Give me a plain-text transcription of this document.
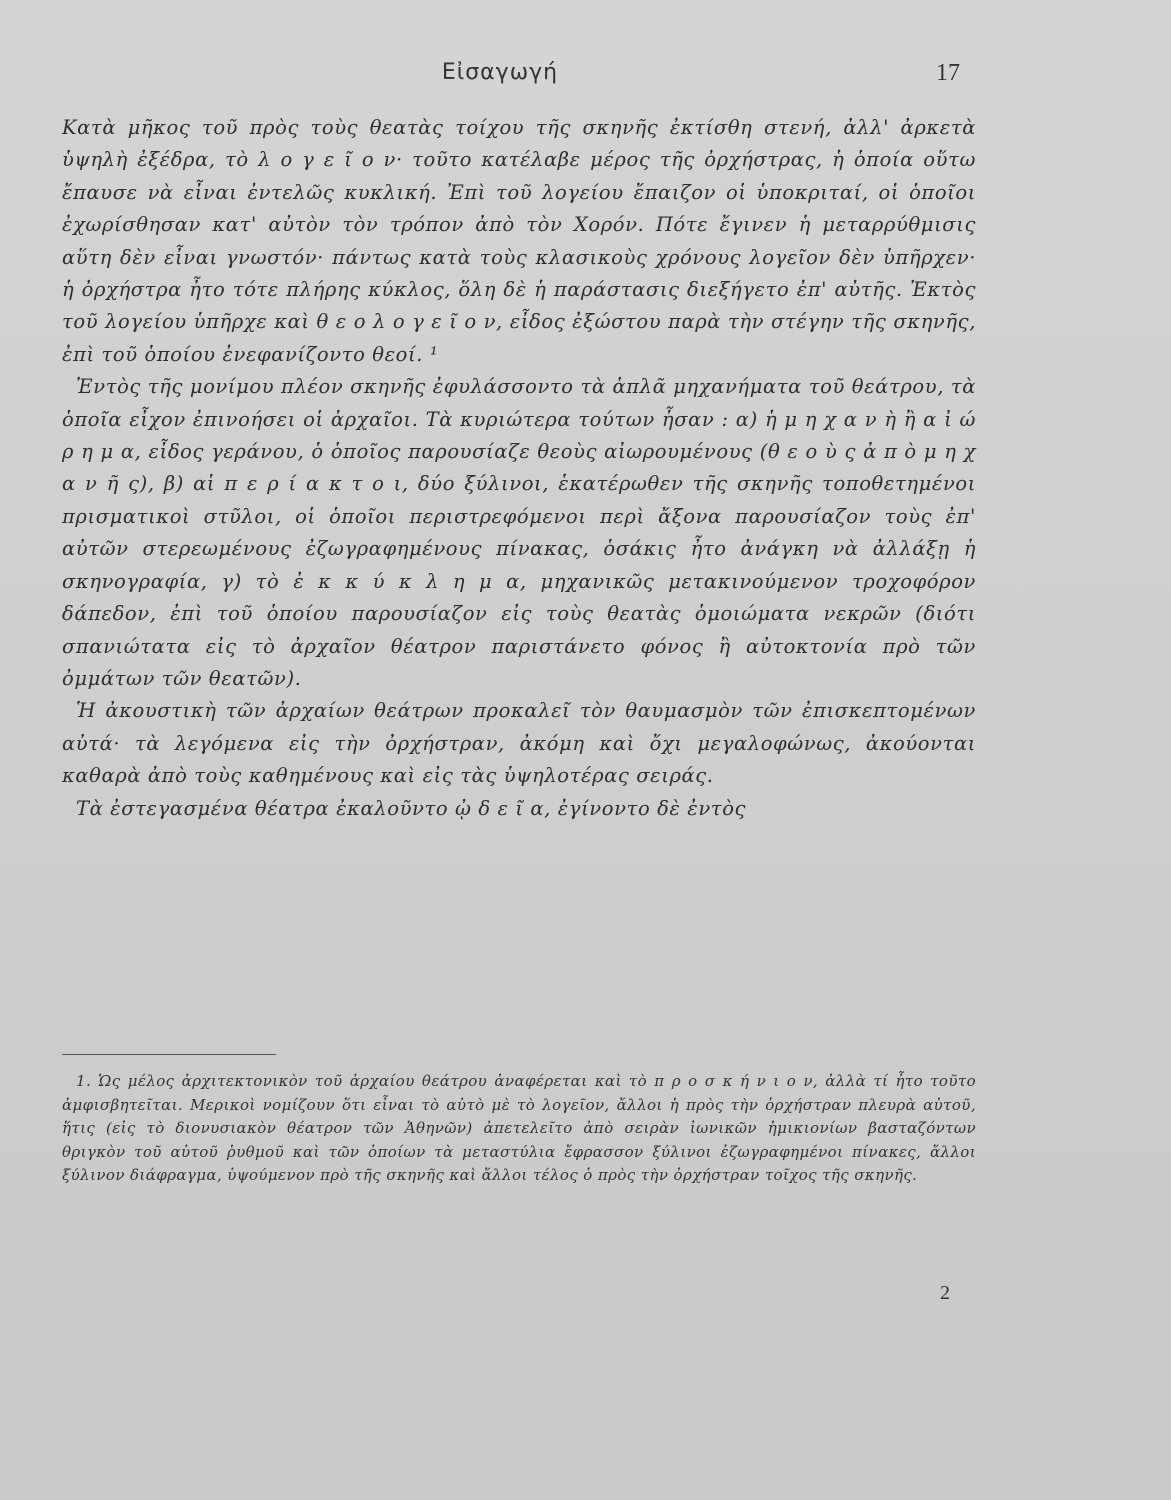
Εἰσαγωγή	17

Κατὰ μῆκος τοῦ πρὸς τοὺς θεατὰς τοίχου τῆς σκηνῆς ἐκτίσθη στενή, ἀλλ' ἀρκετὰ ὑψηλὴ ἐξέδρα, τὸ λ ο γ ε ῖ ο ν· τοῦτο κατέλαβε μέρος τῆς ὀρχήστρας, ἡ ὁποία οὕτω ἔπαυσε νὰ εἶναι ἐντελῶς κυκλική. Ἐπὶ τοῦ λογείου ἔπαιζον οἱ ὑποκριταί, οἱ ὁποῖοι ἐχωρίσθησαν κατ' αὐτὸν τὸν τρόπον ἀπὸ τὸν Χορόν. Πότε ἔγινεν ἡ μεταρρύθμισις αὕτη δὲν εἶναι γνωστόν· πάντως κατὰ τοὺς κλασικοὺς χρόνους λογεῖον δὲν ὑπῆρχεν· ἡ ὀρχήστρα ἦτο τότε πλήρης κύκλος, ὅλη δὲ ἡ παράστασις διεξήγετο ἐπ' αὐτῆς. Ἐκτὸς τοῦ λογείου ὑπῆρχε καὶ θ ε ο λ ο γ ε ῖ ο ν, εἶδος ἐξώστου παρὰ τὴν στέγην τῆς σκηνῆς, ἐπὶ τοῦ ὁποίου ἐνεφανίζοντο θεοί. ¹

Ἐντὸς τῆς μονίμου πλέον σκηνῆς ἐφυλάσσοντο τὰ ἁπλᾶ μηχανήματα τοῦ θεάτρου, τὰ ὁποῖα εἶχον ἐπινοήσει οἱ ἀρχαῖοι. Τὰ κυριώτερα τούτων ἦσαν : α) ἡ μ η χ α ν ὴ ἢ α ἰ ώ ρ η μ α, εἶδος γεράνου, ὁ ὁποῖος παρουσίαζε θεοὺς αἰωρουμένους (θ ε ο ὺ ς ἀ π ὸ μ η χ α ν ῆ ς), β) αἱ π ε ρ ί α κ τ ο ι, δύο ξύλινοι, ἑκατέρωθεν τῆς σκηνῆς τοποθετημένοι πρισματικοὶ στῦλοι, οἱ ὁποῖοι περιστρεφόμενοι περὶ ἄξονα παρουσίαζον τοὺς ἐπ' αὐτῶν στερεωμένους ἐζωγραφημένους πίνακας, ὁσάκις ἦτο ἀνάγκη νὰ ἀλλάξῃ ἡ σκηνογραφία, γ) τὸ ἐ κ κ ύ κ λ η μ α, μηχανικῶς μετακινούμενον τροχοφόρον δάπεδον, ἐπὶ τοῦ ὁποίου παρουσίαζον εἰς τοὺς θεατὰς ὁμοιώματα νεκρῶν (διότι σπανιώτατα εἰς τὸ ἀρχαῖον θέατρον παριστάνετο φόνος ἢ αὐτοκτονία πρὸ τῶν ὀμμάτων τῶν θεατῶν).

Ἡ ἀκουστικὴ τῶν ἀρχαίων θεάτρων προκαλεῖ τὸν θαυμασμὸν τῶν ἐπισκεπτομένων αὐτά· τὰ λεγόμενα εἰς τὴν ὀρχήστραν, ἀκόμη καὶ ὄχι μεγαλοφώνως, ἀκούονται καθαρὰ ἀπὸ τοὺς καθημένους καὶ εἰς τὰς ὑψηλοτέρας σειράς.

Τὰ ἐστεγασμένα θέατρα ἐκαλοῦντο ᾠ δ ε ῖ α, ἐγίνοντο δὲ ἐντὸς

1. Ὡς μέλος ἀρχιτεκτονικὸν τοῦ ἀρχαίου θεάτρου ἀναφέρεται καὶ τὸ π ρ ο σ κ ή ν ι ο ν, ἀλλὰ τί ἦτο τοῦτο ἀμφισβητεῖται. Μερικοὶ νομίζουν ὅτι εἶναι τὸ αὐτὸ μὲ τὸ λογεῖον, ἄλλοι ἡ πρὸς τὴν ὀρχήστραν πλευρὰ αὐτοῦ, ἥτις (εἰς τὸ διονυσιακὸν θέατρον τῶν Ἀθηνῶν) ἀπετελεῖτο ἀπὸ σειρὰν ἰωνικῶν ἡμικιονίων βασταζόντων θριγκὸν τοῦ αὐτοῦ ῥυθμοῦ καὶ τῶν ὁποίων τὰ μεταστύλια ἔφρασσον ξύλινοι ἐζωγραφημένοι πίνακες, ἄλλοι ξύλινον διάφραγμα, ὑψούμενον πρὸ τῆς σκηνῆς καὶ ἄλλοι τέλος ὁ πρὸς τὴν ὀρχήστραν τοῖχος τῆς σκηνῆς.

2
